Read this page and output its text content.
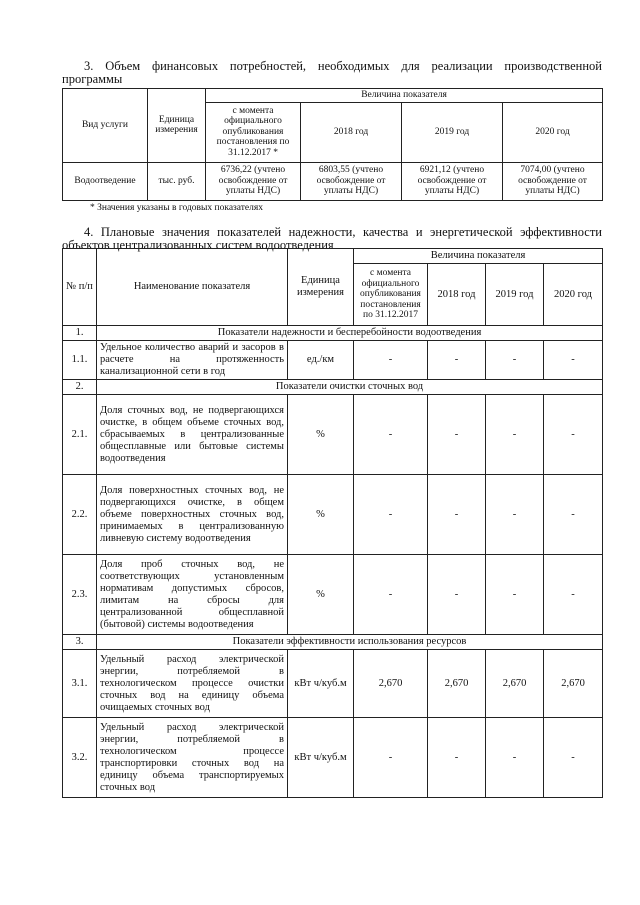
3. Объем финансовых потребностей, необходимых для реализации производственной программы
Вид услуги	Единица измерения	Величина показателя			
		с момента официального опубликования постановления по 31.12.2017 *	2018 год	2019 год	2020 год
Водоотведение	тыс. руб.	6736,22 (учтено освобождение от уплаты НДС)	6803,55 (учтено освобождение от уплаты НДС)	6921,12 (учтено освобождение от уплаты НДС)	7074,00 (учтено освобождение от уплаты НДС)
* Значения указаны в годовых показателях
4. Плановые значения показателей надежности, качества и энергетической эффективности объектов централизованных систем водоотведения
№ п/п	Наименование показателя	Единица измерения	Величина показателя			
			с момента официального опубликования постановления по 31.12.2017	2018 год	2019 год	2020 год
1.	Показатели надежности и бесперебойности водоотведения					
1.1.	Удельное количество аварий и засоров в расчете на протяженность канализационной сети в год	ед./км	-	-	-	-
2.	Показатели очистки сточных вод					
2.1.	Доля сточных вод, не подвергающихся очистке, в общем объеме сточных вод, сбрасываемых в централизованные общесплавные или бытовые системы водоотведения	%	-	-	-	-
2.2.	Доля поверхностных сточных вод, не подвергающихся очистке, в общем объеме поверхностных сточных вод, принимаемых в централизованную ливневую систему водоотведения	%	-	-	-	-
2.3.	Доля проб сточных вод, не соответствующих установленным нормативам допустимых сбросов, лимитам на сбросы для централизованной общесплавной (бытовой) системы водоотведения	%	-	-	-	-
3.	Показатели эффективности использования ресурсов					
3.1.	Удельный расход электрической энергии, потребляемой в технологическом процессе очистки сточных вод на единицу объема очищаемых сточных вод	кВт ч/куб.м	2,670	2,670	2,670	2,670
3.2.	Удельный расход электрической энергии, потребляемой в технологическом процессе транспортировки сточных вод на единицу объема транспортируемых сточных вод	кВт ч/куб.м	-	-	-	-
